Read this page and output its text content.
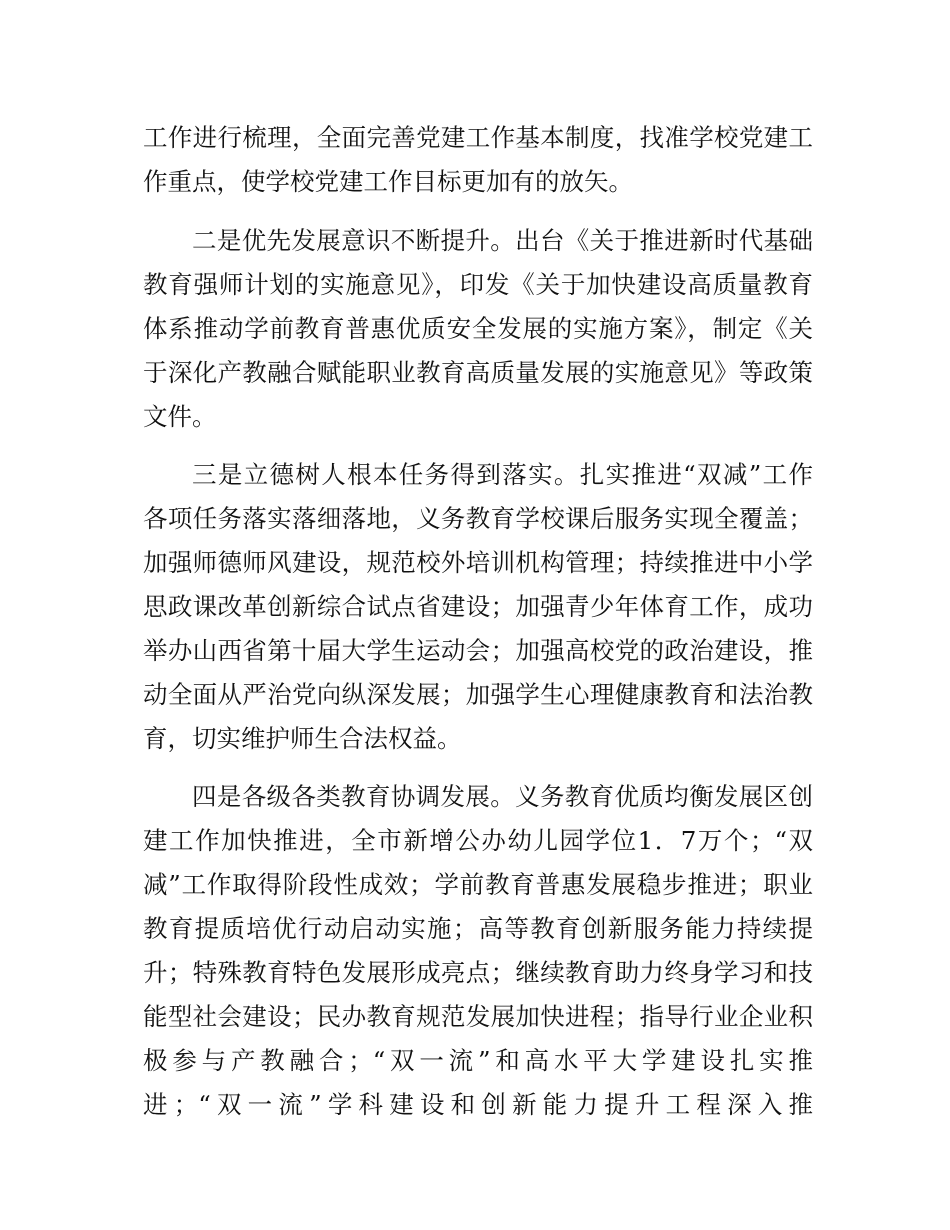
工作进行梳理，全面完善党建工作基本制度，找准学校党建工
作重点，使学校党建工作目标更加有的放矢。
二是优先发展意识不断提升。出台《关于推进新时代基础
教育强师计划的实施意见》，印发《关于加快建设高质量教育
体系推动学前教育普惠优质安全发展的实施方案》，制定《关
于深化产教融合赋能职业教育高质量发展的实施意见》等政策
文件。
三是立德树人根本任务得到落实。扎实推进“双减”工作
各项任务落实落细落地，义务教育学校课后服务实现全覆盖；
加强师德师风建设，规范校外培训机构管理；持续推进中小学
思政课改革创新综合试点省建设；加强青少年体育工作，成功
举办山西省第十届大学生运动会；加强高校党的政治建设，推
动全面从严治党向纵深发展；加强学生心理健康教育和法治教
育，切实维护师生合法权益。
四是各级各类教育协调发展。义务教育优质均衡发展区创
建工作加快推进，全市新增公办幼儿园学位1．7万个；“双
减”工作取得阶段性成效；学前教育普惠发展稳步推进；职业
教育提质培优行动启动实施；高等教育创新服务能力持续提
升；特殊教育特色发展形成亮点；继续教育助力终身学习和技
能型社会建设；民办教育规范发展加快进程；指导行业企业积
极参与产教融合；“双一流”和高水平大学建设扎实推
进；“双一流”学科建设和创新能力提升工程深入推
